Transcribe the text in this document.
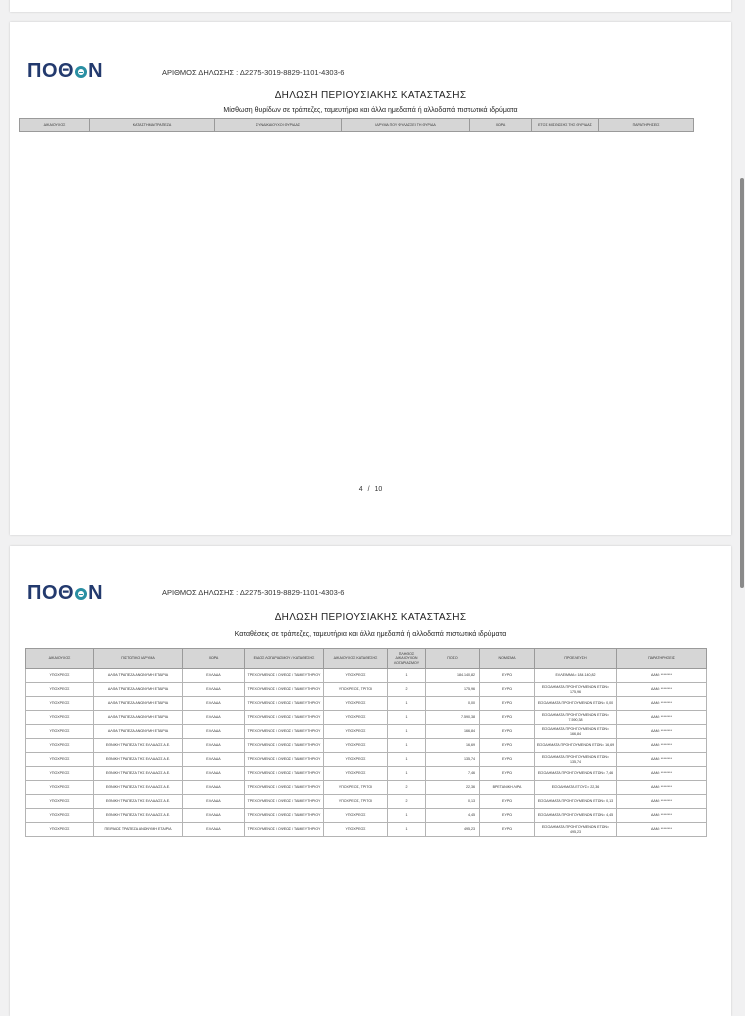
ΠΟΘ Ν	ΑΡΙΘΜΟΣ ΔΗΛΩΣΗΣ : Δ2275-3019-8829-1101-4303-6
ΔΗΛΩΣΗ ΠΕΡΙΟΥΣΙΑΚΗΣ ΚΑΤΑΣΤΑΣΗΣ
Μίσθωση θυρίδων σε τράπεζες, ταμευτήρια και άλλα ημεδαπά ή αλλοδαπά πιστωτικά ιδρύματα
ΔΙΚΑΙΟΥΧΟΣ	ΚΑΤΑΣΤΗΜΑ/ΤΡΑΠΕΖΑ	ΣΥΝΔΙΚΑΙΟΥΧΟΙ ΘΥΡΙΔΑΣ	ΙΔΡΥΜΑ ΠΟΥ ΦΥΛΑΣΣΕΙ ΤΗ ΘΥΡΙΔΑ	ΧΩΡΑ	ΕΤΟΣ ΜΙΣΘΩΣΗΣ ΤΗΣ ΘΥΡΙΔΑΣ	ΠΑΡΑΤΗΡΗΣΕΙΣ
4 / 10
ΠΟΘ Ν	ΑΡΙΘΜΟΣ ΔΗΛΩΣΗΣ : Δ2275-3019-8829-1101-4303-6
ΔΗΛΩΣΗ ΠΕΡΙΟΥΣΙΑΚΗΣ ΚΑΤΑΣΤΑΣΗΣ
Καταθέσεις σε τράπεζες, ταμευτήρια και άλλα ημεδαπά ή αλλοδαπά πιστωτικά ιδρύματα
ΔΙΚΑΙΟΥΧΟΣ	ΠΙΣΤΩΤΙΚΟ ΙΔΡΥΜΑ	ΧΩΡΑ	ΕΙΔΟΣ ΛΟΓΑΡΙΑΣΜΟΥ / ΚΑΤΑΘΕΣΗΣ	ΔΙΚΑΙΟΥΧΟΣ ΚΑΤΑΘΕΣΗΣ	ΠΛΗΘΟΣ ΔΙΚΑΙΟΥΧΩΝ ΛΟΓΑΡΙΑΣΜΟΥ	ΠΟΣΟ	ΝΟΜΙΣΜΑ	ΠΡΟΕΛΕΥΣΗ	ΠΑΡΑΤΗΡΗΣΕΙΣ
ΥΠΟΧΡΕΟΣ	ΑΛΦΑ ΤΡΑΠΕΖΑ ΑΝΩΝΥΜΗ ΕΤΑΙΡΙΑ	ΕΛΛΑΔΑ	ΤΡΕΧΟΥΜΕΝΟΣ / ΟΨΕΩΣ / ΤΑΜΙΕΥΤΗΡΙΟΥ	ΥΠΟΧΡΕΟΣ	1	184.140,82	ΕΥΡΩ	ΕΛΛΕΙΜΜΑ= 184.140,82	ΑΑΜ: ********
ΥΠΟΧΡΕΟΣ	ΑΛΦΑ ΤΡΑΠΕΖΑ ΑΝΩΝΥΜΗ ΕΤΑΙΡΙΑ	ΕΛΛΑΔΑ	ΤΡΕΧΟΥΜΕΝΟΣ / ΟΨΕΩΣ / ΤΑΜΙΕΥΤΗΡΙΟΥ	ΥΠΟΧΡΕΟΣ, ΤΡΙΤΟΙ	2	175,96	ΕΥΡΩ	ΕΙΣΟΔΗΜΑΤΑ ΠΡΟΗΓΟΥΜΕΝΩΝ ΕΤΩΝ= 175,96	ΑΑΜ: ********
ΥΠΟΧΡΕΟΣ	ΑΛΦΑ ΤΡΑΠΕΖΑ ΑΝΩΝΥΜΗ ΕΤΑΙΡΙΑ	ΕΛΛΑΔΑ	ΤΡΕΧΟΥΜΕΝΟΣ / ΟΨΕΩΣ / ΤΑΜΙΕΥΤΗΡΙΟΥ	ΥΠΟΧΡΕΟΣ	1	0,00	ΕΥΡΩ	ΕΙΣΟΔΗΜΑΤΑ ΠΡΟΗΓΟΥΜΕΝΩΝ ΕΤΩΝ= 0,00	ΑΑΜ: ********
ΥΠΟΧΡΕΟΣ	ΑΛΦΑ ΤΡΑΠΕΖΑ ΑΝΩΝΥΜΗ ΕΤΑΙΡΙΑ	ΕΛΛΑΔΑ	ΤΡΕΧΟΥΜΕΝΟΣ / ΟΨΕΩΣ / ΤΑΜΙΕΥΤΗΡΙΟΥ	ΥΠΟΧΡΕΟΣ	1	7.590,38	ΕΥΡΩ	ΕΙΣΟΔΗΜΑΤΑ ΠΡΟΗΓΟΥΜΕΝΩΝ ΕΤΩΝ= 7.590,38	ΑΑΜ: ********
ΥΠΟΧΡΕΟΣ	ΑΛΦΑ ΤΡΑΠΕΖΑ ΑΝΩΝΥΜΗ ΕΤΑΙΡΙΑ	ΕΛΛΑΔΑ	ΤΡΕΧΟΥΜΕΝΟΣ / ΟΨΕΩΣ / ΤΑΜΙΕΥΤΗΡΙΟΥ	ΥΠΟΧΡΕΟΣ	1	166,84	ΕΥΡΩ	ΕΙΣΟΔΗΜΑΤΑ ΠΡΟΗΓΟΥΜΕΝΩΝ ΕΤΩΝ= 166,84	ΑΑΜ: ********
ΥΠΟΧΡΕΟΣ	ΕΘΝΙΚΗ ΤΡΑΠΕΖΑ ΤΗΣ ΕΛΛΑΔΟΣ Α.Ε.	ΕΛΛΑΔΑ	ΤΡΕΧΟΥΜΕΝΟΣ / ΟΨΕΩΣ / ΤΑΜΙΕΥΤΗΡΙΟΥ	ΥΠΟΧΡΕΟΣ	1	16,69	ΕΥΡΩ	ΕΙΣΟΔΗΜΑΤΑ ΠΡΟΗΓΟΥΜΕΝΩΝ ΕΤΩΝ= 16,69	ΑΑΜ: ********
ΥΠΟΧΡΕΟΣ	ΕΘΝΙΚΗ ΤΡΑΠΕΖΑ ΤΗΣ ΕΛΛΑΔΟΣ Α.Ε.	ΕΛΛΑΔΑ	ΤΡΕΧΟΥΜΕΝΟΣ / ΟΨΕΩΣ / ΤΑΜΙΕΥΤΗΡΙΟΥ	ΥΠΟΧΡΕΟΣ	1	135,74	ΕΥΡΩ	ΕΙΣΟΔΗΜΑΤΑ ΠΡΟΗΓΟΥΜΕΝΩΝ ΕΤΩΝ= 135,74	ΑΑΜ: ********
ΥΠΟΧΡΕΟΣ	ΕΘΝΙΚΗ ΤΡΑΠΕΖΑ ΤΗΣ ΕΛΛΑΔΟΣ Α.Ε.	ΕΛΛΑΔΑ	ΤΡΕΧΟΥΜΕΝΟΣ / ΟΨΕΩΣ / ΤΑΜΙΕΥΤΗΡΙΟΥ	ΥΠΟΧΡΕΟΣ	1	7,46	ΕΥΡΩ	ΕΙΣΟΔΗΜΑΤΑ ΠΡΟΗΓΟΥΜΕΝΩΝ ΕΤΩΝ= 7,46	ΑΑΜ: ********
ΥΠΟΧΡΕΟΣ	ΕΘΝΙΚΗ ΤΡΑΠΕΖΑ ΤΗΣ ΕΛΛΑΔΟΣ Α.Ε.	ΕΛΛΑΔΑ	ΤΡΕΧΟΥΜΕΝΟΣ / ΟΨΕΩΣ / ΤΑΜΙΕΥΤΗΡΙΟΥ	ΥΠΟΧΡΕΟΣ, ΤΡΙΤΟΙ	2	22,36	ΒΡΕΤΑΝΙΚΗ ΛΙΡΑ	ΕΙΣΟΔΗΜΑΤΑ ΕΤΟΥΣ= 22,36	ΑΑΜ: ********
ΥΠΟΧΡΕΟΣ	ΕΘΝΙΚΗ ΤΡΑΠΕΖΑ ΤΗΣ ΕΛΛΑΔΟΣ Α.Ε.	ΕΛΛΑΔΑ	ΤΡΕΧΟΥΜΕΝΟΣ / ΟΨΕΩΣ / ΤΑΜΙΕΥΤΗΡΙΟΥ	ΥΠΟΧΡΕΟΣ, ΤΡΙΤΟΙ	2	0,13	ΕΥΡΩ	ΕΙΣΟΔΗΜΑΤΑ ΠΡΟΗΓΟΥΜΕΝΩΝ ΕΤΩΝ= 0,13	ΑΑΜ: ********
ΥΠΟΧΡΕΟΣ	ΕΘΝΙΚΗ ΤΡΑΠΕΖΑ ΤΗΣ ΕΛΛΑΔΟΣ Α.Ε.	ΕΛΛΑΔΑ	ΤΡΕΧΟΥΜΕΝΟΣ / ΟΨΕΩΣ / ΤΑΜΙΕΥΤΗΡΙΟΥ	ΥΠΟΧΡΕΟΣ	1	4,45	ΕΥΡΩ	ΕΙΣΟΔΗΜΑΤΑ ΠΡΟΗΓΟΥΜΕΝΩΝ ΕΤΩΝ= 4,45	ΑΑΜ: ********
ΥΠΟΧΡΕΟΣ	ΠΕΙΡΑΙΩΣ ΤΡΑΠΕΖΑ ΑΝΩΝΥΜΗ ΕΤΑΙΡΙΑ	ΕΛΛΑΔΑ	ΤΡΕΧΟΥΜΕΝΟΣ / ΟΨΕΩΣ / ΤΑΜΙΕΥΤΗΡΙΟΥ	ΥΠΟΧΡΕΟΣ	1	495,23	ΕΥΡΩ	ΕΙΣΟΔΗΜΑΤΑ ΠΡΟΗΓΟΥΜΕΝΩΝ ΕΤΩΝ= 495,23	ΑΑΜ: ********
